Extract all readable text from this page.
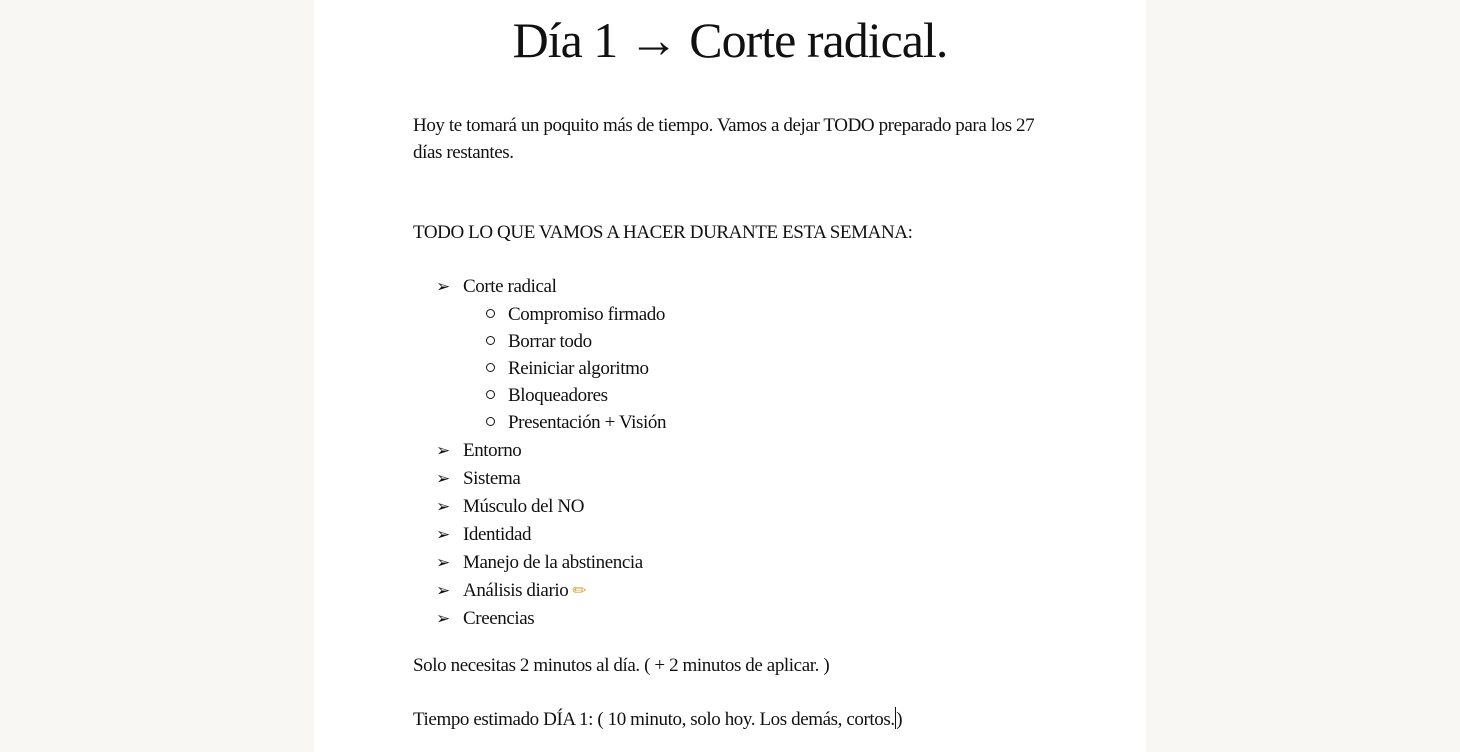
Día 1 → Corte radical.

Hoy te tomará un poquito más de tiempo. Vamos a dejar TODO preparado para los 27 días restantes.

TODO LO QUE VAMOS A HACER DURANTE ESTA SEMANA:

➢ Corte radical
Compromiso firmado
Borrar todo
Reiniciar algoritmo
Bloqueadores
Presentación + Visión
➢ Entorno
➢ Sistema
➢ Músculo del NO
➢ Identidad
➢ Manejo de la abstinencia
➢ Análisis diario ✏
➢ Creencias

Solo necesitas 2 minutos al día. ( + 2 minutos de aplicar. )

Tiempo estimado DÍA 1: ( 10 minuto, solo hoy. Los demás, cortos.)
